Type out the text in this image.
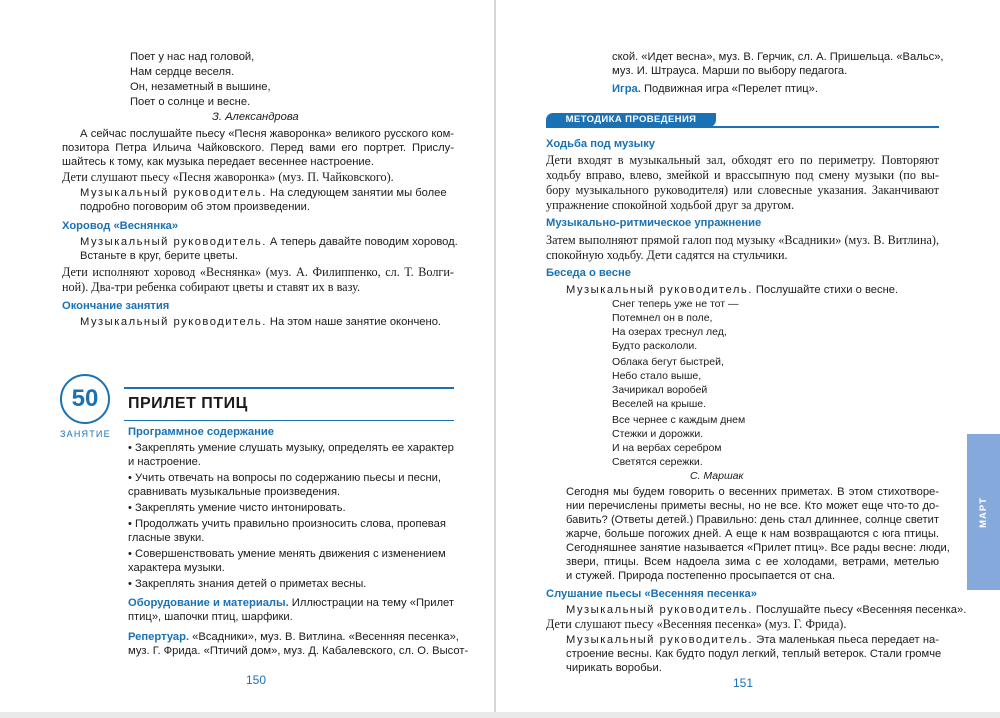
Поет у нас над головой,
Нам сердце веселя.
Он, незаметный в вышине,
Поет о солнце и весне.
З. Александрова
А сейчас послушайте пьесу «Песня жаворонка» великого русского ком-
позитора Петра Ильича Чайковского. Перед вами его портрет. Прислу-
шайтесь к тому, как музыка передает весеннее настроение.
Дети слушают пьесу «Песня жаворонка» (муз. П. Чайковского).
Музыкальный руководитель. На следующем занятии мы более
подробно поговорим об этом произведении.
Хоровод «Веснянка»
Музыкальный руководитель. А теперь давайте поводим хоровод.
Встаньте в круг, берите цветы.
Дети исполняют хоровод «Веснянка» (муз. А. Филиппенко, сл. Т. Волги-
ной). Два-три ребенка собирают цветы и ставят их в вазу.
Окончание занятия
Музыкальный руководитель. На этом наше занятие окончено.
50
ЗАНЯТИЕ
ПРИЛЕТ ПТИЦ
Программное содержание
• Закреплять умение слушать музыку, определять ее характер
и настроение.
• Учить отвечать на вопросы по содержанию пьесы и песни,
сравнивать музыкальные произведения.
• Закреплять умение чисто интонировать.
• Продолжать учить правильно произносить слова, пропевая
гласные звуки.
• Совершенствовать умение менять движения с изменением
характера музыки.
• Закреплять знания детей о приметах весны.
Оборудование и материалы. Иллюстрации на тему «Прилет
птиц», шапочки птиц, шарфики.
Репертуар. «Всадники», муз. В. Витлина. «Весенняя песенка»,
муз. Г. Фрида. «Птичий дом», муз. Д. Кабалевского, сл. О. Высот-
150
ской. «Идет весна», муз. В. Герчик, сл. А. Пришельца. «Вальс»,
муз. И. Штрауса. Марши по выбору педагога.
Игра. Подвижная игра «Перелет птиц».
МЕТОДИКА ПРОВЕДЕНИЯ
Ходьба под музыку
Дети входят в музыкальный зал, обходят его по периметру. Повторяют
ходьбу вправо, влево, змейкой и врассыпную под смену музыки (по вы-
бору музыкального руководителя) или словесные указания. Заканчивают
упражнение спокойной ходьбой друг за другом.
Музыкально-ритмическое упражнение
Затем выполняют прямой галоп под музыку «Всадники» (муз. В. Витлина),
спокойную ходьбу. Дети садятся на стульчики.
Беседа о весне
Музыкальный руководитель. Послушайте стихи о весне.
Снег теперь уже не тот —
Потемнел он в поле,
На озерах треснул лед,
Будто раскололи.
Облака бегут быстрей,
Небо стало выше,
Зачирикал воробей
Веселей на крыше.
Все чернее с каждым днем
Стежки и дорожки.
И на вербах серебром
Светятся сережки.
С. Маршак
Сегодня мы будем говорить о весенних приметах. В этом стихотворе-
нии перечислены приметы весны, но не все. Кто может еще что-то до-
бавить? (Ответы детей.) Правильно: день стал длиннее, солнце светит
жарче, больше погожих дней. А еще к нам возвращаются с юга птицы.
Сегодняшнее занятие называется «Прилет птиц». Все рады весне: люди,
звери, птицы. Всем надоела зима с ее холодами, ветрами, метелью
и стужей. Природа постепенно просыпается от сна.
Слушание пьесы «Весенняя песенка»
Музыкальный руководитель. Послушайте пьесу «Весенняя песенка».
Дети слушают пьесу «Весенняя песенка» (муз. Г. Фрида).
Музыкальный руководитель. Эта маленькая пьеса передает на-
строение весны. Как будто подул легкий, теплый ветерок. Стали громче
чирикать воробьи.
151
МАРТ
